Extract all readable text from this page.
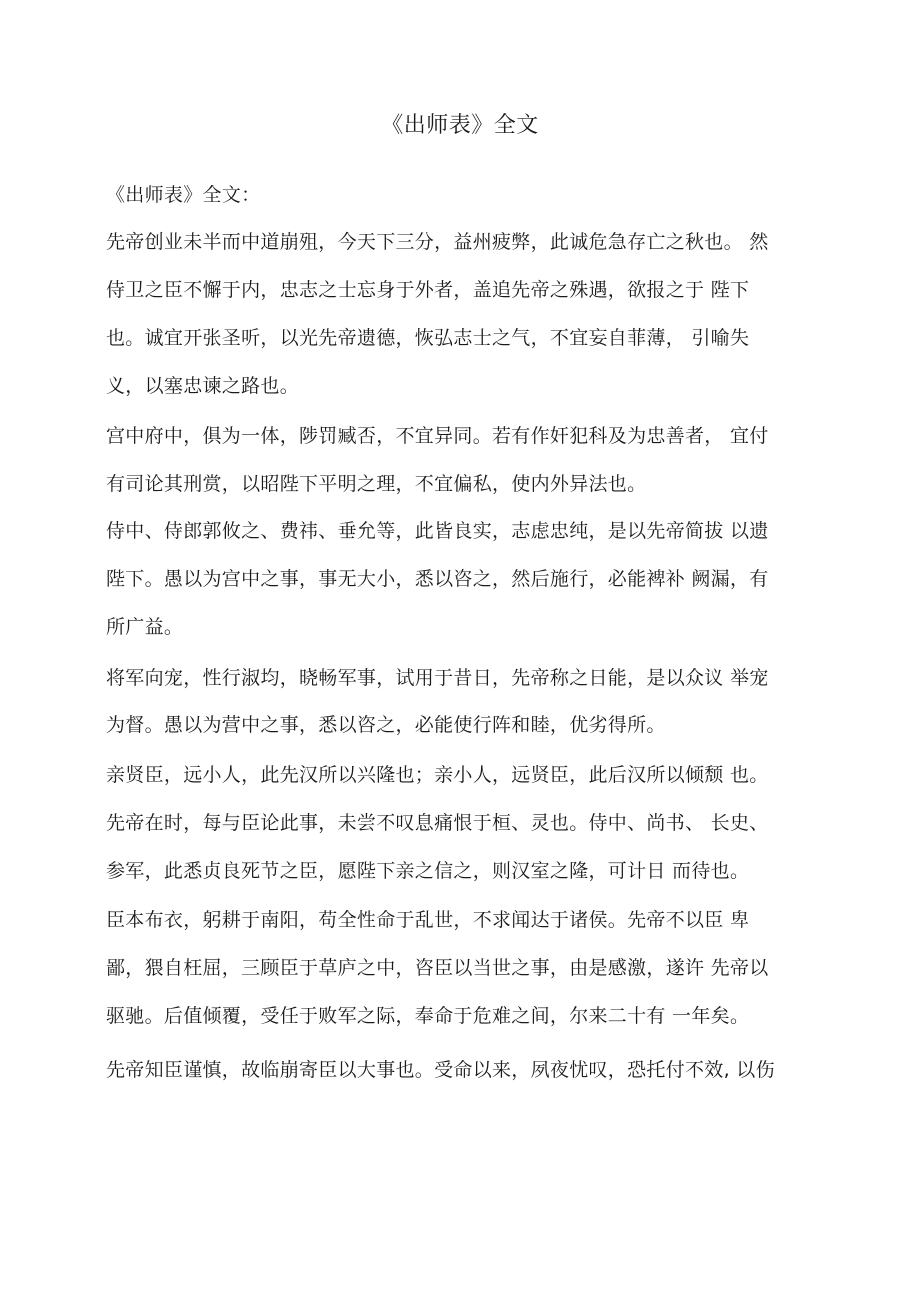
《出师表》全文
《出师表》全文：
先帝创业未半而中道崩殂，今天下三分，益州疲弊，此诚危急存亡之秋也。 然
侍卫之臣不懈于内，忠志之士忘身于外者，盖追先帝之殊遇，欲报之于 陛下
也。诚宜开张圣听，以光先帝遗德，恢弘志士之气，不宜妄自菲薄， 引喻失
义，以塞忠谏之路也。
宫中府中，俱为一体，陟罚臧否，不宜异同。若有作奸犯科及为忠善者， 宜付
有司论其刑赏，以昭陛下平明之理，不宜偏私，使内外异法也。
侍中、侍郎郭攸之、费祎、垂允等，此皆良实，志虑忠纯，是以先帝简拔 以遗
陛下。愚以为宫中之事，事无大小，悉以咨之，然后施行，必能裨补 阙漏，有
所广益。
将军向宠，性行淑均，晓畅军事，试用于昔日，先帝称之日能，是以众议 举宠
为督。愚以为营中之事，悉以咨之，必能使行阵和睦，优劣得所。
亲贤臣，远小人，此先汉所以兴隆也；亲小人，远贤臣，此后汉所以倾颓 也。
先帝在时，每与臣论此事，未尝不叹息痛恨于桓、灵也。侍中、尚书、 长史、
参军，此悉贞良死节之臣，愿陛下亲之信之，则汉室之隆，可计日 而待也。
臣本布衣，躬耕于南阳，苟全性命于乱世，不求闻达于诸侯。先帝不以臣 卑
鄙，猥自枉屈，三顾臣于草庐之中，咨臣以当世之事，由是感激，遂许 先帝以
驱驰。后值倾覆，受任于败军之际，奉命于危难之间，尔来二十有 一年矣。
先帝知臣谨慎，故临崩寄臣以大事也。受命以来，夙夜忧叹，恐托付不效, 以伤
